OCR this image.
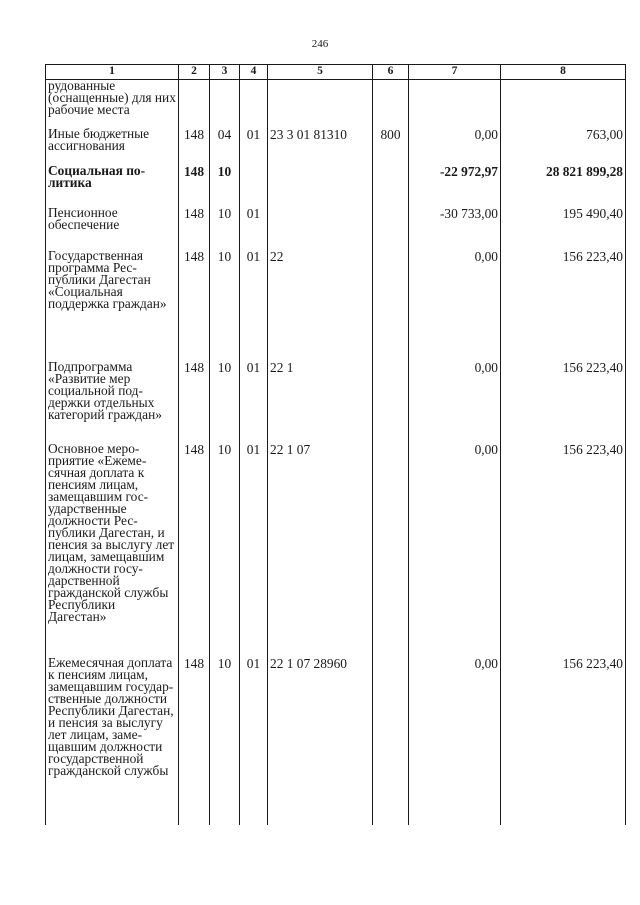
246
1	2	3	4	5	6	7	8
рудованные (оснащенные) для них рабочие места							
Иные бюджетные ассигнования	148	04	01	23 3 01 81310	800	0,00	763,00
Социальная политика	148	10				-22 972,97	28 821 899,28
Пенсионное обеспечение	148	10	01			-30 733,00	195 490,40
Государственная программа Республики Дагестан «Социальная поддержка граждан»	148	10	01	22		0,00	156 223,40
Подпрограмма «Развитие мер социальной поддержки отдельных категорий граждан»	148	10	01	22 1		0,00	156 223,40
Основное мероприятие «Ежемесячная доплата к пенсиям лицам, замещавшим государственные должности Республики Дагестан, и пенсия за выслугу лет лицам, замещавшим должности государственной гражданской службы Республики Дагестан»	148	10	01	22 1 07		0,00	156 223,40
Ежемесячная доплата к пенсиям лицам, замещавшим государственные должности Республики Дагестан, и пенсия за выслугу лет лицам, замещавшим должности государственной гражданской службы	148	10	01	22 1 07 28960		0,00	156 223,40
